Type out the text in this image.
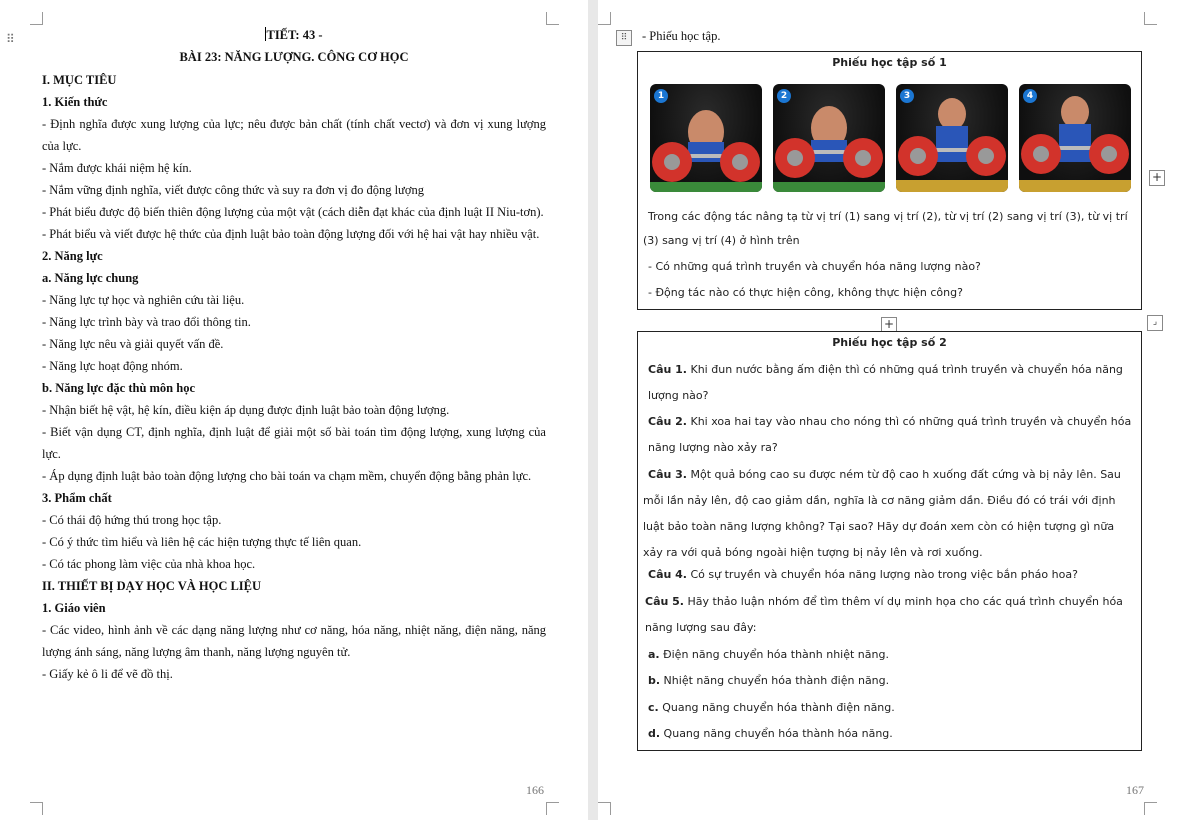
⠿	TIẾT: 43 -

BÀI 23: NĂNG LƯỢNG. CÔNG CƠ HỌC

I. MỤC TIÊU

1. Kiến thức

- Định nghĩa được xung lượng của lực; nêu được bản chất (tính chất vectơ) và đơn vị xung lượng của lực.

- Nắm được khái niệm hệ kín.

- Nắm vững định nghĩa, viết được công thức và suy ra đơn vị đo động lượng

- Phát biểu được độ biến thiên động lượng của một vật (cách diễn đạt khác của định luật II Niu-tơn).

- Phát biểu và viết được hệ thức của định luật bảo toàn động lượng đối với hệ hai vật hay nhiều vật.

2. Năng lực

a. Năng lực chung

- Năng lực tự học và nghiên cứu tài liệu.

- Năng lực trình bày và trao đổi thông tin.

- Năng lực nêu và giải quyết vấn đề.

- Năng lực hoạt động nhóm.

b. Năng lực đặc thù môn học

- Nhận biết hệ vật, hệ kín, điều kiện áp dụng được định luật bảo toàn động lượng.

- Biết vận dụng CT, định nghĩa, định luật để giải một số bài toán tìm động lượng, xung lượng của lực.

- Áp dụng định luật bảo toàn động lượng cho bài toán va chạm mềm, chuyển động bằng phản lực.

3. Phẩm chất

- Có thái độ hứng thú trong học tập.

- Có ý thức tìm hiểu và liên hệ các hiện tượng thực tế liên quan.

- Có tác phong làm việc của nhà khoa học.

II. THIẾT BỊ DẠY HỌC VÀ HỌC LIỆU

1. Giáo viên

- Các video, hình ảnh về các dạng năng lượng như cơ năng, hóa năng, nhiệt năng, điện năng, năng lượng ánh sáng, năng lượng âm thanh, năng lượng nguyên tử.

- Giấy kẻ ô li để vẽ đồ thị.

166	167
⠿	- Phiếu học tập.
Phiếu học tập số 1
1	2	3	4
Trong các động tác nâng tạ từ vị trí (1) sang vị trí (2), từ vị trí (2) sang vị trí (3), từ vị trí (3) sang vị trí (4) ở hình trên
- Có những quá trình truyền và chuyển hóa năng lượng nào?
- Động tác nào có thực hiện công, không thực hiện công?
+
+	⌟
Phiếu học tập số 2
Câu 1. Khi đun nước bằng ấm điện thì có những quá trình truyền và chuyển hóa năng lượng nào?
Câu 2. Khi xoa hai tay vào nhau cho nóng thì có những quá trình truyền và chuyển hóa năng lượng nào xảy ra?
Câu 3. Một quả bóng cao su được ném từ độ cao h xuống đất cứng và bị nảy lên. Sau mỗi lần nảy lên, độ cao giảm dần, nghĩa là cơ năng giảm dần. Điều đó có trái với định luật bảo toàn năng lượng không? Tại sao? Hãy dự đoán xem còn có hiện tượng gì nữa xảy ra với quả bóng ngoài hiện tượng bị nảy lên và rơi xuống.
Câu 4. Có sự truyền và chuyển hóa năng lượng nào trong việc bắn pháo hoa?
Câu 5. Hãy thảo luận nhóm để tìm thêm ví dụ minh họa cho các quá trình chuyển hóa năng lượng sau đây:
a. Điện năng chuyển hóa thành nhiệt năng.
b. Nhiệt năng chuyển hóa thành điện năng.
c. Quang năng chuyển hóa thành điện năng.
d. Quang năng chuyển hóa thành hóa năng.
